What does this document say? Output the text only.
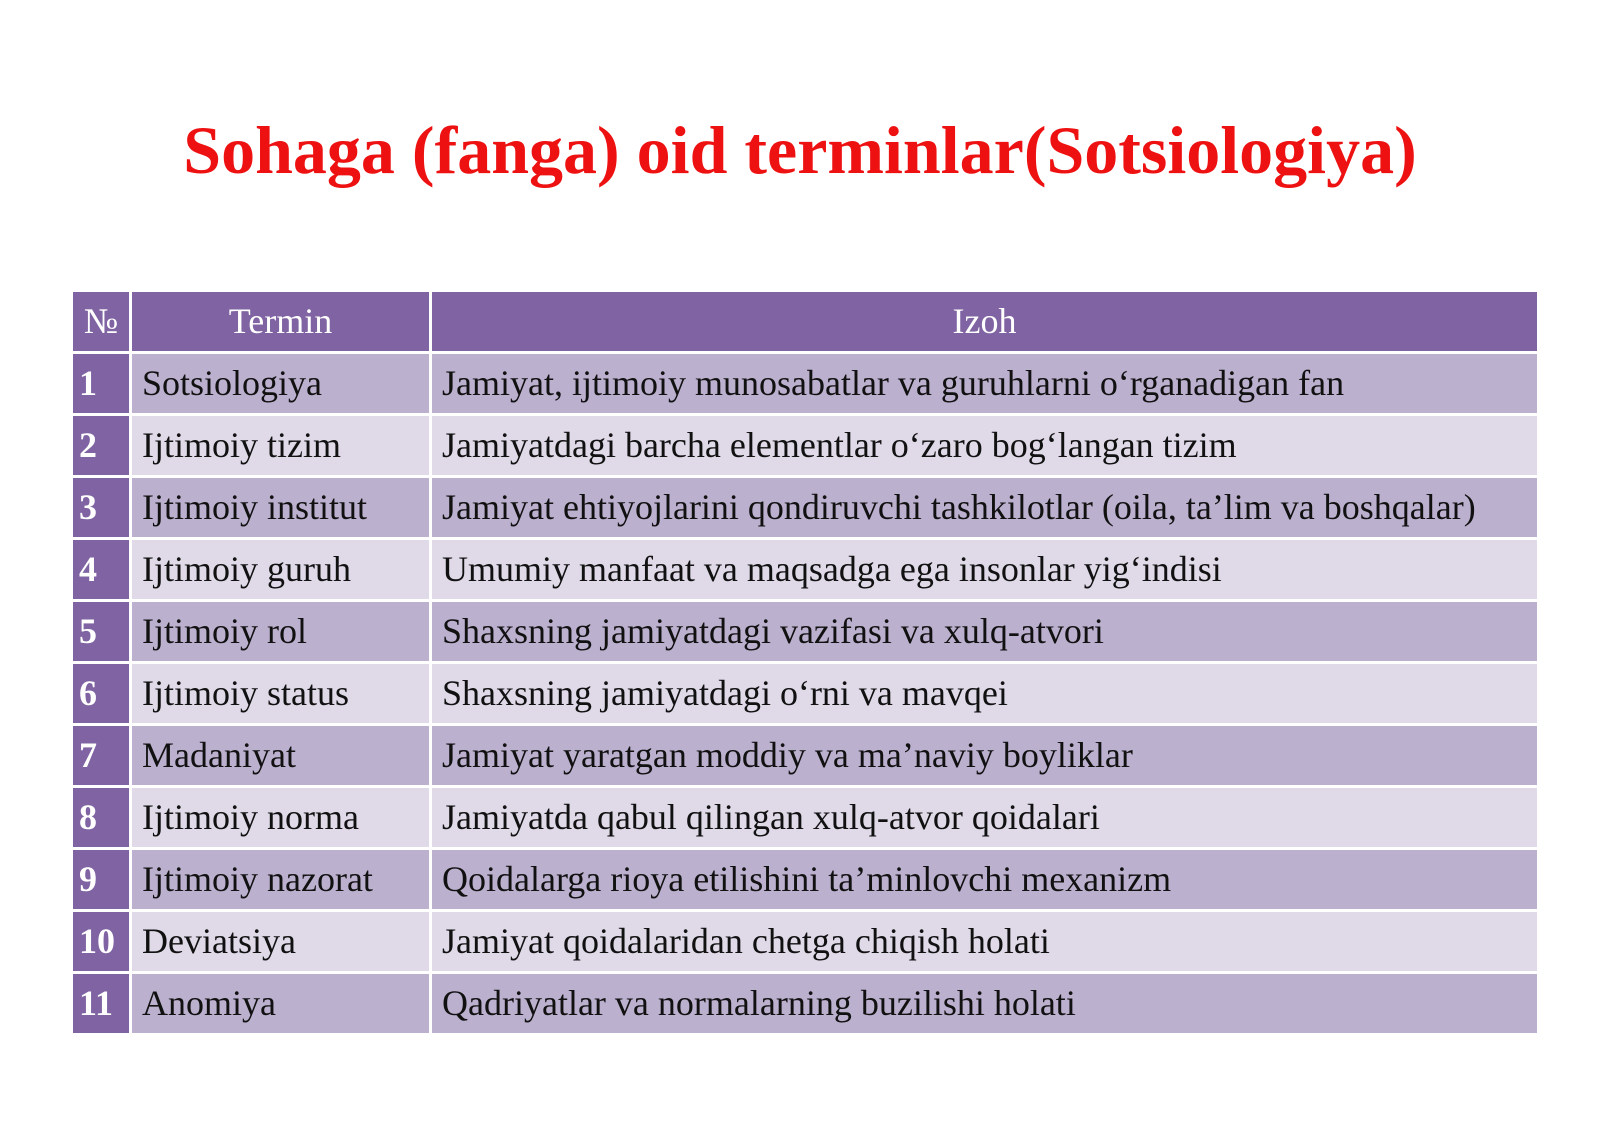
Sohaga (fanga) oid terminlar(Sotsiologiya)
№	Termin	Izoh
1	Sotsiologiya	Jamiyat, ijtimoiy munosabatlar va guruhlarni o‘rganadigan fan
2	Ijtimoiy tizim	Jamiyatdagi barcha elementlar o‘zaro bog‘langan tizim
3	Ijtimoiy institut	Jamiyat ehtiyojlarini qondiruvchi tashkilotlar (oila, ta’lim va boshqalar)
4	Ijtimoiy guruh	Umumiy manfaat va maqsadga ega insonlar yig‘indisi
5	Ijtimoiy rol	Shaxsning jamiyatdagi vazifasi va xulq-atvori
6	Ijtimoiy status	Shaxsning jamiyatdagi o‘rni va mavqei
7	Madaniyat	Jamiyat yaratgan moddiy va ma’naviy boyliklar
8	Ijtimoiy norma	Jamiyatda qabul qilingan xulq-atvor qoidalari
9	Ijtimoiy nazorat	Qoidalarga rioya etilishini ta’minlovchi mexanizm
10	Deviatsiya	Jamiyat qoidalaridan chetga chiqish holati
11	Anomiya	Qadriyatlar va normalarning buzilishi holati
